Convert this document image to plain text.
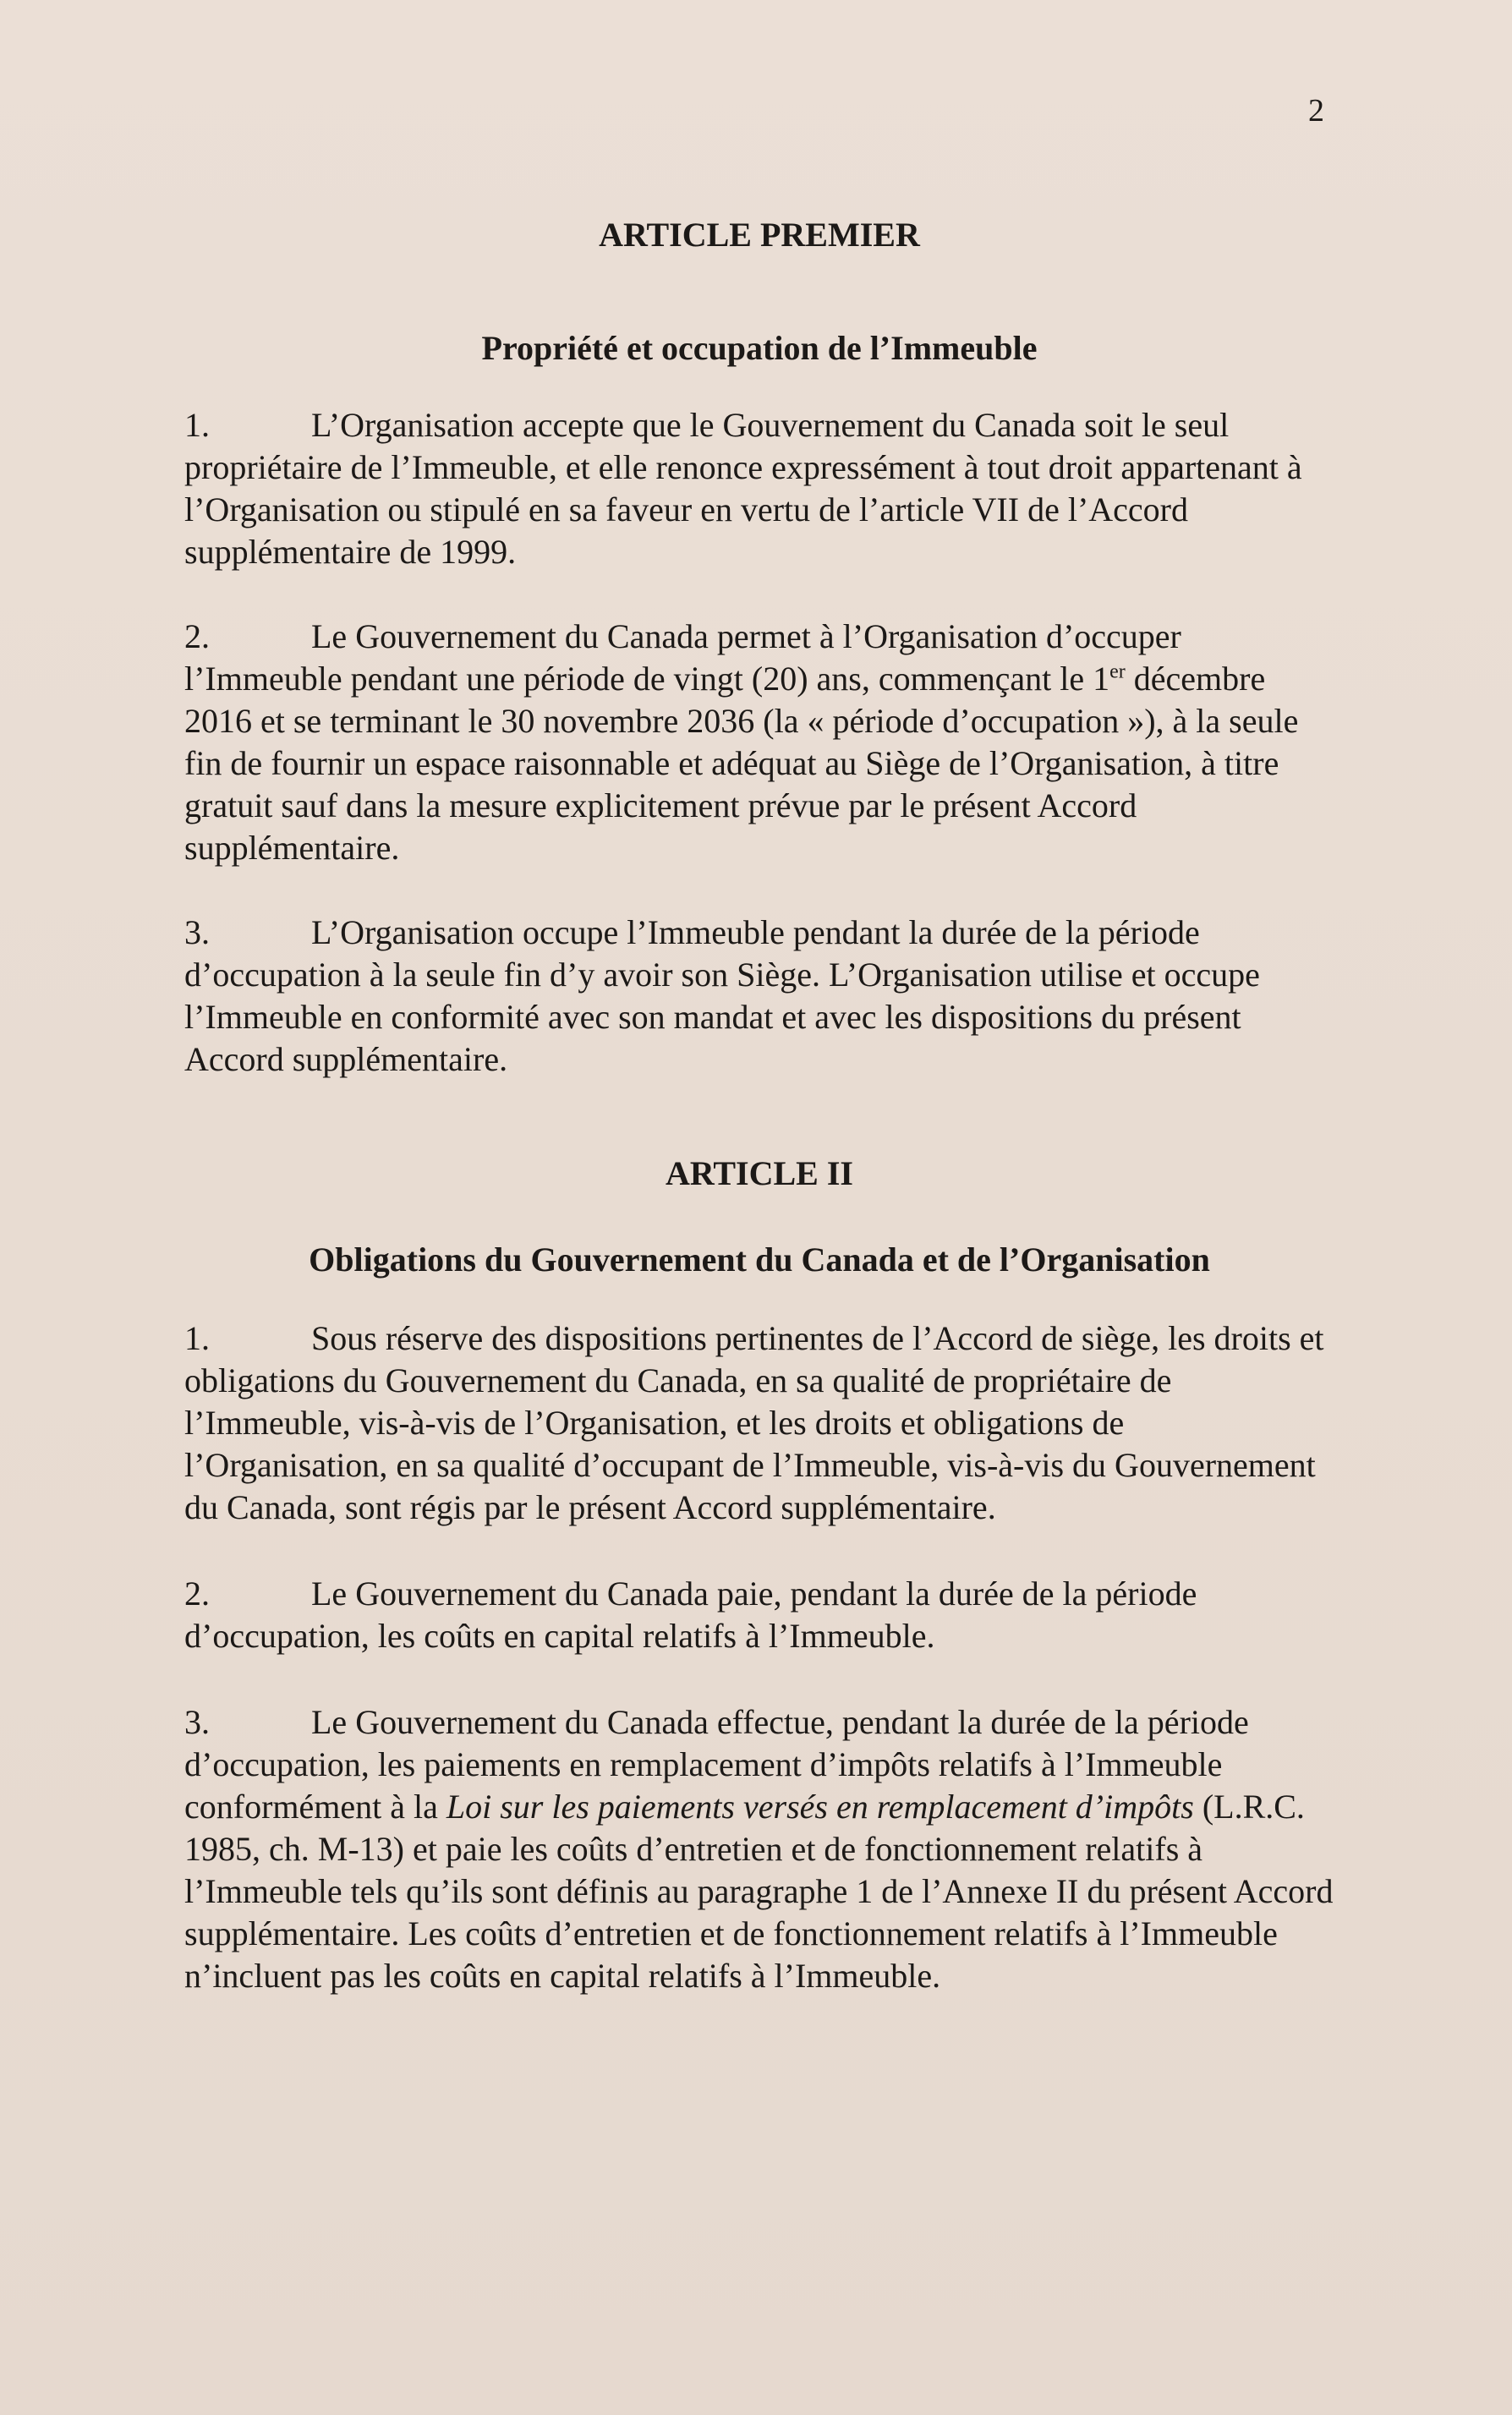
2
ARTICLE PREMIER
Propriété et occupation de l’Immeuble

1.	L’Organisation accepte que le Gouvernement du Canada soit le seul propriétaire de l’Immeuble, et elle renonce expressément à tout droit appartenant à l’Organisation ou stipulé en sa faveur en vertu de l’article VII de l’Accord supplémentaire de 1999.

2.	Le Gouvernement du Canada permet à l’Organisation d’occuper l’Immeuble pendant une période de vingt (20) ans, commençant le 1er décembre 2016 et se terminant le 30 novembre 2036 (la « période d’occupation »), à la seule fin de fournir un espace raisonnable et adéquat au Siège de l’Organisation, à titre gratuit sauf dans la mesure explicitement prévue par le présent Accord supplémentaire.

3.	L’Organisation occupe l’Immeuble pendant la durée de la période d’occupation à la seule fin d’y avoir son Siège. L’Organisation utilise et occupe l’Immeuble en conformité avec son mandat et avec les dispositions du présent Accord supplémentaire.

ARTICLE II
Obligations du Gouvernement du Canada et de l’Organisation

1.	Sous réserve des dispositions pertinentes de l’Accord de siège, les droits et obligations du Gouvernement du Canada, en sa qualité de propriétaire de l’Immeuble, vis-à-vis de l’Organisation, et les droits et obligations de l’Organisation, en sa qualité d’occupant de l’Immeuble, vis-à-vis du Gouvernement du Canada, sont régis par le présent Accord supplémentaire.

2.	Le Gouvernement du Canada paie, pendant la durée de la période d’occupation, les coûts en capital relatifs à l’Immeuble.

3.	Le Gouvernement du Canada effectue, pendant la durée de la période d’occupation, les paiements en remplacement d’impôts relatifs à l’Immeuble conformément à la Loi sur les paiements versés en remplacement d’impôts (L.R.C. 1985, ch. M-13) et paie les coûts d’entretien et de fonctionnement relatifs à l’Immeuble tels qu’ils sont définis au paragraphe 1 de l’Annexe II du présent Accord supplémentaire. Les coûts d’entretien et de fonctionnement relatifs à l’Immeuble n’incluent pas les coûts en capital relatifs à l’Immeuble.
